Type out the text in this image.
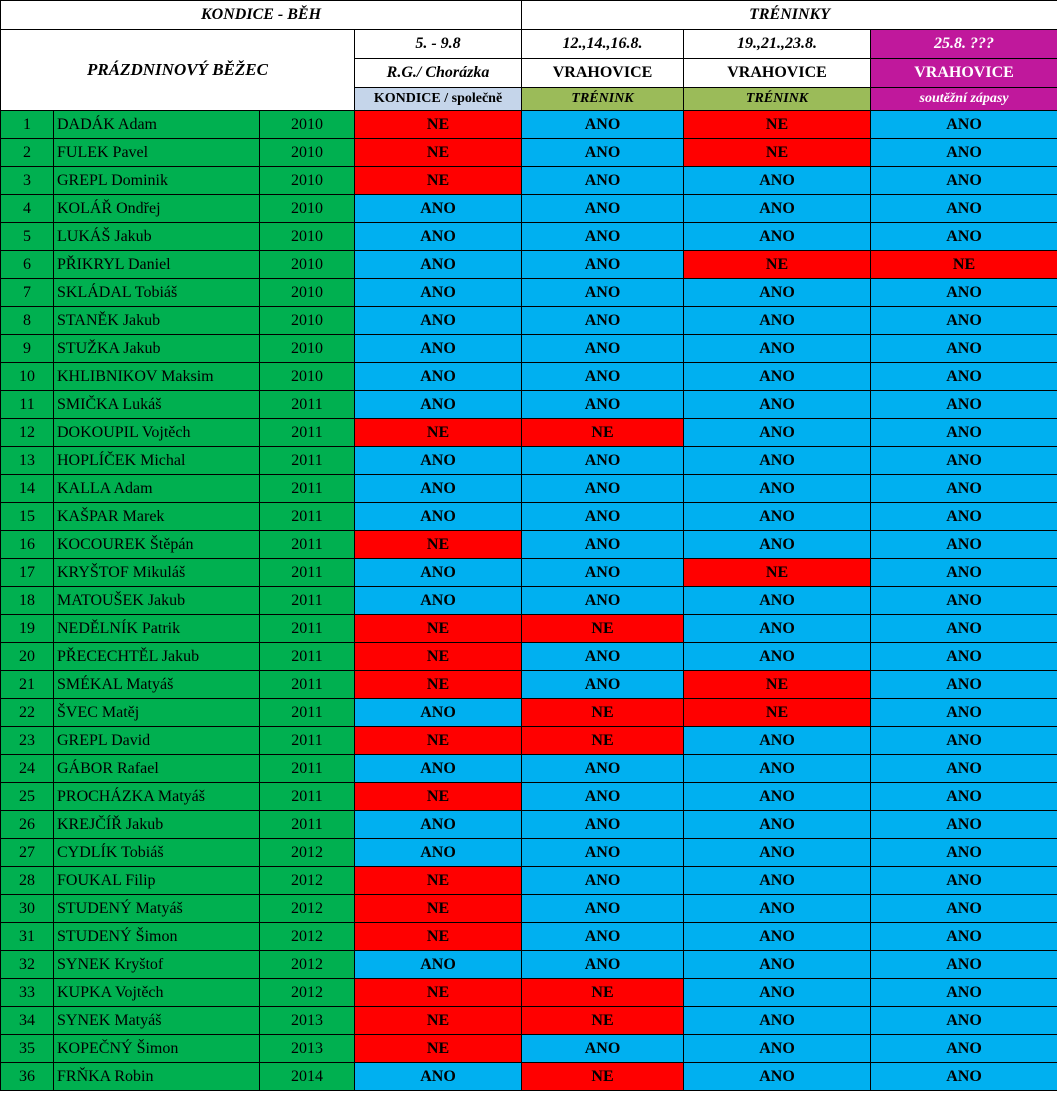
KONDICE - BĚH				TRÉNINKY		
PRÁZDNINOVÝ BĚŽEC			5. - 9.8	12.,14.,16.8.	19.,21.,23.8.	25.8. ???
			R.G./ Chorázka	VRAHOVICE	VRAHOVICE	VRAHOVICE
			KONDICE / společně	TRÉNINK	TRÉNINK	soutěžní zápasy
1	DADÁK Adam	2010	NE	ANO	NE	ANO
2	FULEK Pavel	2010	NE	ANO	NE	ANO
3	GREPL Dominik	2010	NE	ANO	ANO	ANO
4	KOLÁŘ Ondřej	2010	ANO	ANO	ANO	ANO
5	LUKÁŠ Jakub	2010	ANO	ANO	ANO	ANO
6	PŘIKRYL Daniel	2010	ANO	ANO	NE	NE
7	SKLÁDAL Tobiáš	2010	ANO	ANO	ANO	ANO
8	STANĚK Jakub	2010	ANO	ANO	ANO	ANO
9	STUŽKA Jakub	2010	ANO	ANO	ANO	ANO
10	KHLIBNIKOV Maksim	2010	ANO	ANO	ANO	ANO
11	SMIČKA Lukáš	2011	ANO	ANO	ANO	ANO
12	DOKOUPIL Vojtěch	2011	NE	NE	ANO	ANO
13	HOPLÍČEK Michal	2011	ANO	ANO	ANO	ANO
14	KALLA Adam	2011	ANO	ANO	ANO	ANO
15	KAŠPAR Marek	2011	ANO	ANO	ANO	ANO
16	KOCOUREK Štěpán	2011	NE	ANO	ANO	ANO
17	KRYŠTOF Mikuláš	2011	ANO	ANO	NE	ANO
18	MATOUŠEK Jakub	2011	ANO	ANO	ANO	ANO
19	NEDĚLNÍK Patrik	2011	NE	NE	ANO	ANO
20	PŘECECHTĚL Jakub	2011	NE	ANO	ANO	ANO
21	SMÉKAL Matyáš	2011	NE	ANO	NE	ANO
22	ŠVEC Matěj	2011	ANO	NE	NE	ANO
23	GREPL David	2011	NE	NE	ANO	ANO
24	GÁBOR Rafael	2011	ANO	ANO	ANO	ANO
25	PROCHÁZKA Matyáš	2011	NE	ANO	ANO	ANO
26	KREJČÍŘ Jakub	2011	ANO	ANO	ANO	ANO
27	CYDLÍK Tobiáš	2012	ANO	ANO	ANO	ANO
28	FOUKAL Filip	2012	NE	ANO	ANO	ANO
30	STUDENÝ Matyáš	2012	NE	ANO	ANO	ANO
31	STUDENÝ Šimon	2012	NE	ANO	ANO	ANO
32	SYNEK Kryštof	2012	ANO	ANO	ANO	ANO
33	KUPKA Vojtěch	2012	NE	NE	ANO	ANO
34	SYNEK Matyáš	2013	NE	NE	ANO	ANO
35	KOPEČNÝ Šimon	2013	NE	ANO	ANO	ANO
36	FRŇKA Robin	2014	ANO	NE	ANO	ANO
